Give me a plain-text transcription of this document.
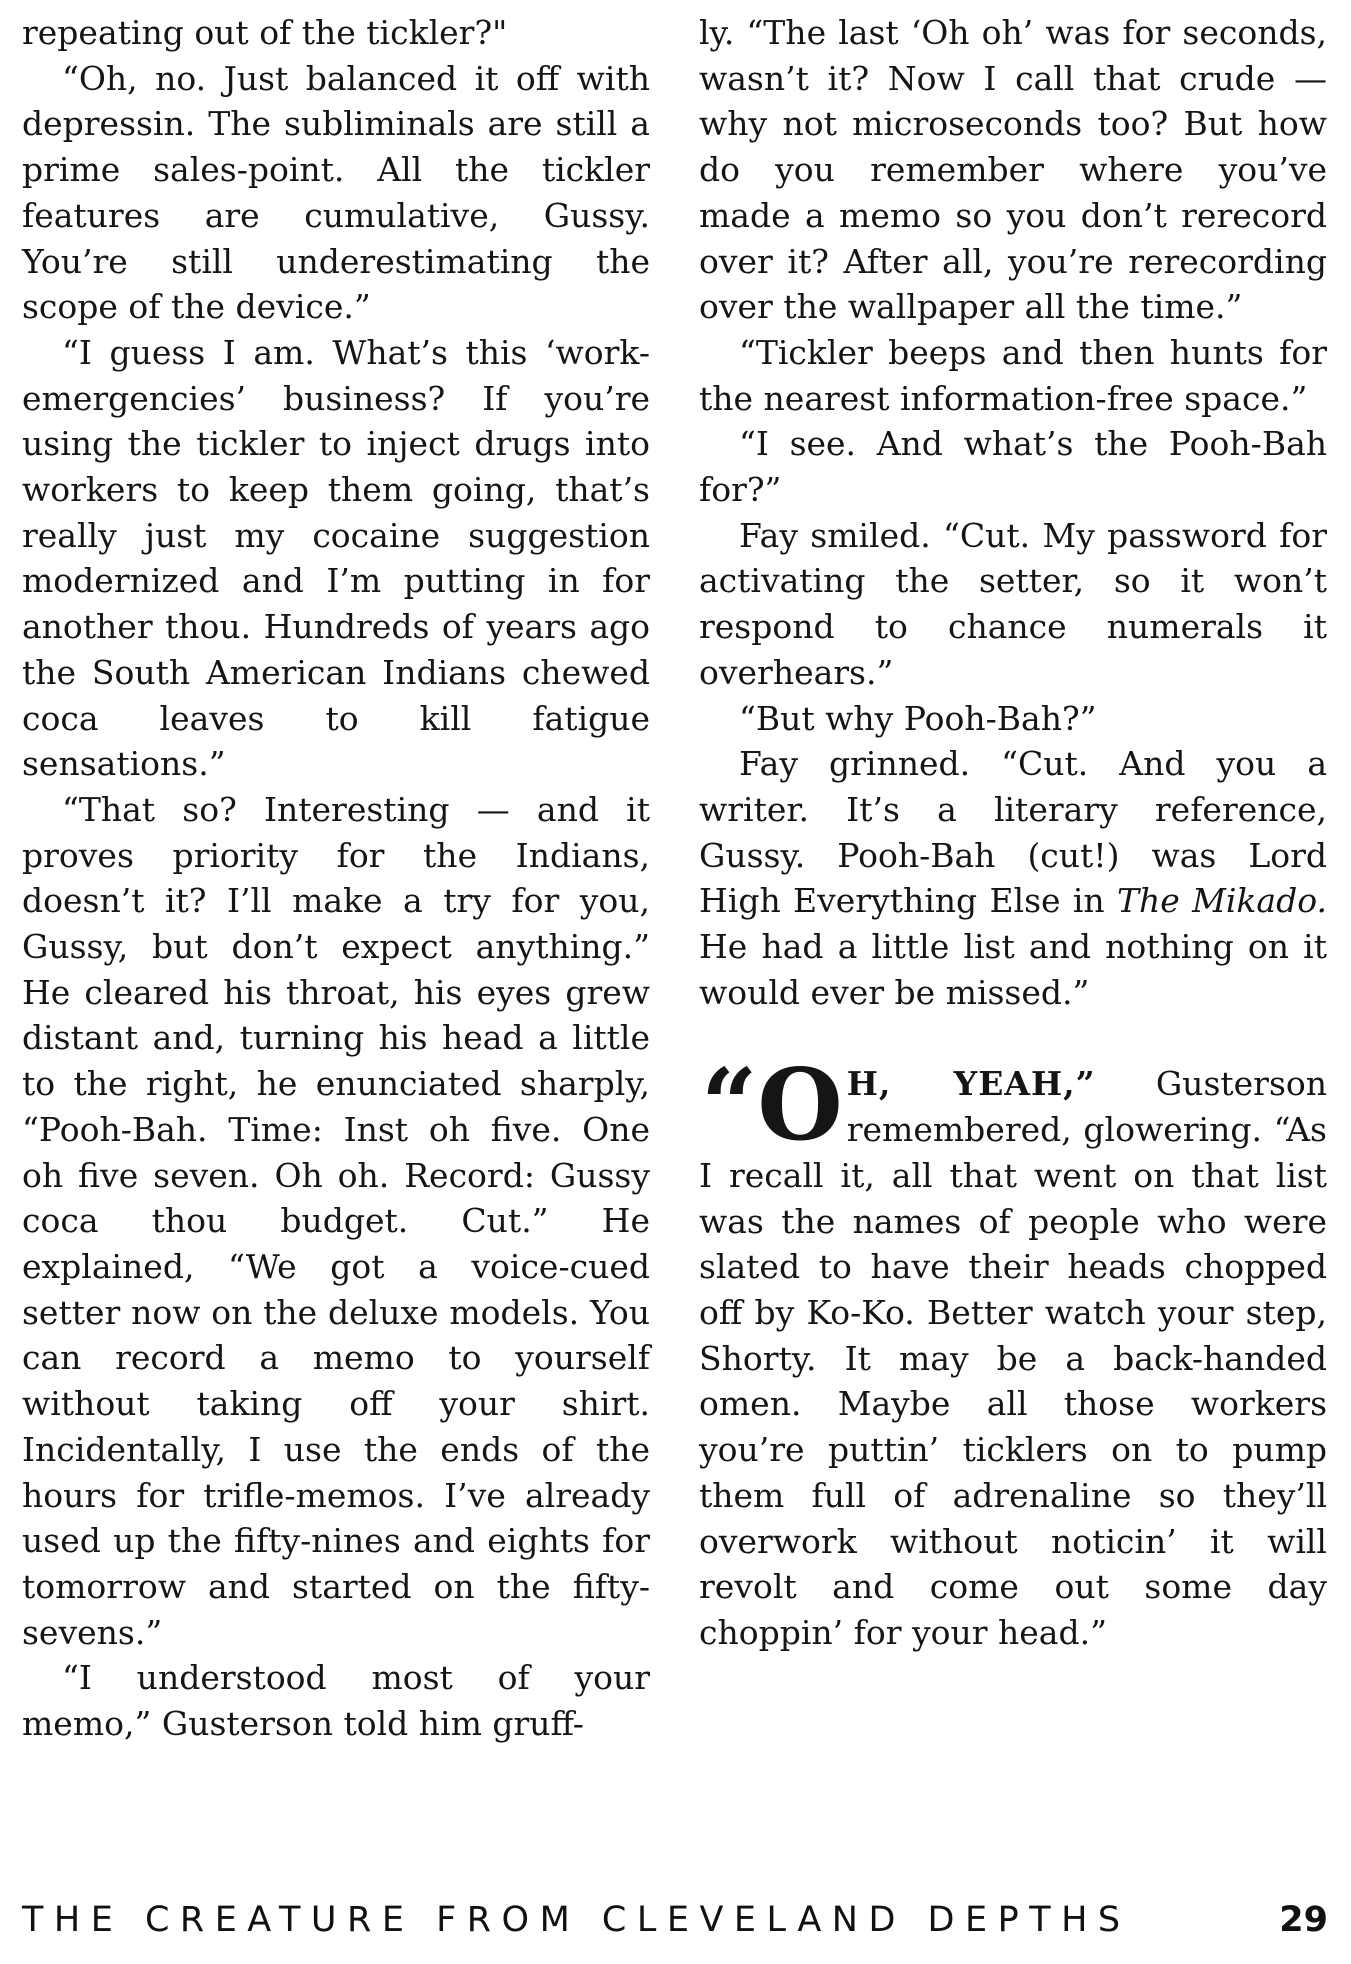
repeating out of the tickler?"

“Oh, no. Just balanced it off with depressin. The subliminals are still a prime sales-point. All the tickler features are cumulative, Gussy. You’re still underestimating the scope of the device.”

“I guess I am. What’s this ‘work-emergencies’ business? If you’re using the tickler to inject drugs into workers to keep them going, that’s really just my cocaine suggestion modernized and I’m putting in for another thou. Hundreds of years ago the South American Indians chewed coca leaves to kill fatigue sensations.”

“That so? Interesting — and it proves priority for the Indians, doesn’t it? I’ll make a try for you, Gussy, but don’t expect anything.” He cleared his throat, his eyes grew distant and, turning his head a little to the right, he enunciated sharply, “Pooh-Bah. Time: Inst oh five. One oh five seven. Oh oh. Record: Gussy coca thou budget. Cut.” He explained, “We got a voice-cued setter now on the deluxe models. You can record a memo to yourself without taking off your shirt. Incidentally, I use the ends of the hours for trifle-memos. I’ve already used up the fifty-nines and eights for tomorrow and started on the fifty-sevens.”

“I understood most of your memo,” Gusterson told him gruff-

ly. “The last ‘Oh oh’ was for seconds, wasn’t it? Now I call that crude — why not microseconds too? But how do you remember where you’ve made a memo so you don’t rerecord over it? After all, you’re rerecording over the wallpaper all the time.”

“Tickler beeps and then hunts for the nearest information-free space.”

“I see. And what’s the Pooh-Bah for?”

Fay smiled. “Cut. My password for activating the setter, so it won’t respond to chance numerals it overhears.”

“But why Pooh-Bah?”

Fay grinned. “Cut. And you a writer. It’s a literary reference, Gussy. Pooh-Bah (cut!) was Lord High Everything Else in The Mikado. He had a little list and nothing on it would ever be missed.”

“O H, YEAH,” Gusterson remembered, glowering. “As I recall it, all that went on that list was the names of people who were slated to have their heads chopped off by Ko-Ko. Better watch your step, Shorty. It may be a back-handed omen. Maybe all those workers you’re puttin’ ticklers on to pump them full of adrenaline so they’ll overwork without noticin’ it will revolt and come out some day choppin’ for your head.”

THE CREATURE FROM CLEVELAND DEPTHS	29
